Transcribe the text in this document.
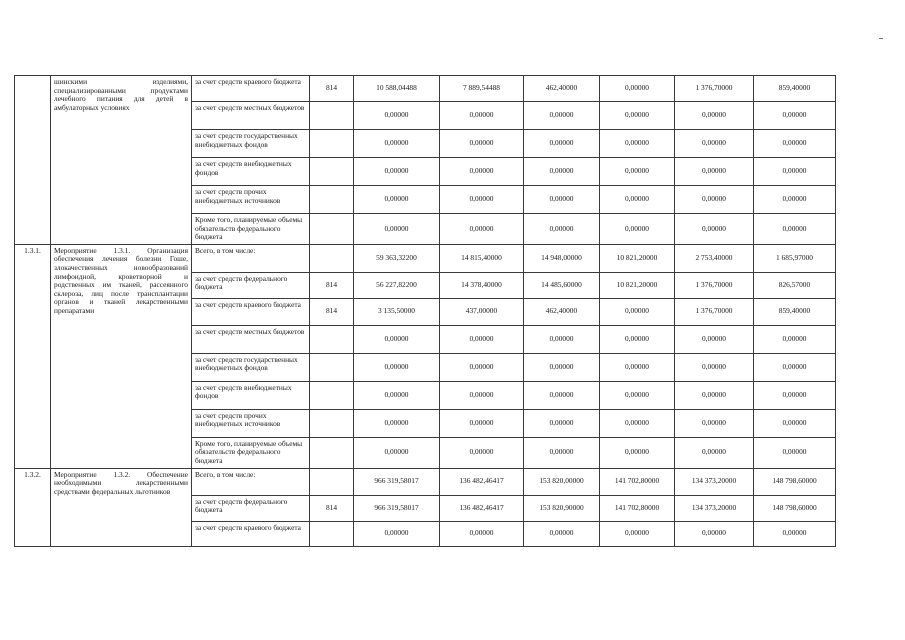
	шинскими изделиями, специализированными продуктами лечебного питания для детей в амбулаторных условиях	за счет средств краевого бюджета	814	10 588,04488	7 889,54488	462,40000	0,00000	1 376,70000	859,40000
		за счет средств местных бюджетов		0,00000	0,00000	0,00000	0,00000	0,00000	0,00000
		за счет средств государственных внебюджетных фондов		0,00000	0,00000	0,00000	0,00000	0,00000	0,00000
		за счет средств внебюджетных фондов		0,00000	0,00000	0,00000	0,00000	0,00000	0,00000
		за счет средств прочих внебюджетных источников		0,00000	0,00000	0,00000	0,00000	0,00000	0,00000
		Кроме того, планируемые объемы обязательств федерального бюджета		0,00000	0,00000	0,00000	0,00000	0,00000	0,00000
1.3.1.	Мероприятие 1.3.1. Организация обеспечения лечения болезни Гоше, злокачественных новообразований лимфоидной, кроветворной и родственных им тканей, рассеянного склероза, лиц после трансплантации органов и тканей лекарственными препаратами	Всего, в том числе:		59 363,32200	14 815,40000	14 948,00000	10 821,20000	2 753,40000	1 685,97000
		за счет средств федерального бюджета	814	56 227,82200	14 378,40000	14 485,60000	10 821,20000	1 376,70000	826,57000
		за счет средств краевого бюджета	814	3 135,50000	437,00000	462,40000	0,00000	1 376,70000	859,40000
		за счет средств местных бюджетов		0,00000	0,00000	0,00000	0,00000	0,00000	0,00000
		за счет средств государственных внебюджетных фондов		0,00000	0,00000	0,00000	0,00000	0,00000	0,00000
		за счет средств внебюджетных фондов		0,00000	0,00000	0,00000	0,00000	0,00000	0,00000
		за счет средств прочих внебюджетных источников		0,00000	0,00000	0,00000	0,00000	0,00000	0,00000
		Кроме того, планируемые объемы обязательств федерального бюджета		0,00000	0,00000	0,00000	0,00000	0,00000	0,00000
1.3.2.	Мероприятие 1.3.2. Обеспечение необходимыми лекарственными средствами федеральных льготников	Всего, в том числе:		966 319,58017	136 482,46417	153 820,00000	141 702,80000	134 373,20000	148 798,60000
		за счет средств федерального бюджета	814	966 319,58017	136 482,46417	153 820,90000	141 702,80000	134 373,20000	148 798,60000
		за счет средств краевого бюджета		0,00000	0,00000	0,00000	0,00000	0,00000	0,00000
